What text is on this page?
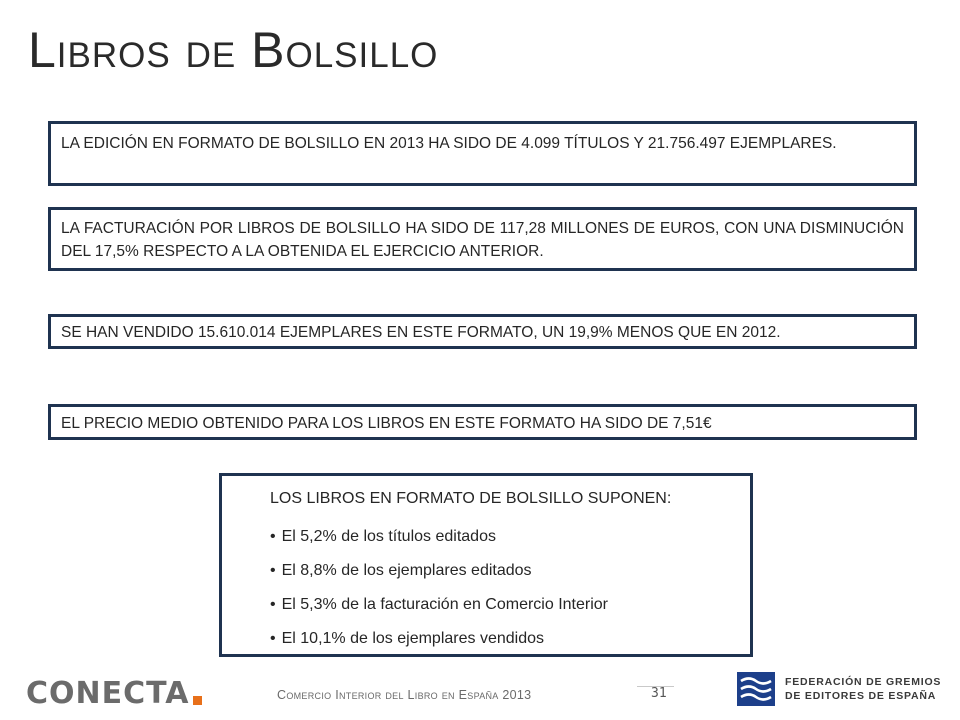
Libros de Bolsillo
LA EDICIÓN EN FORMATO DE BOLSILLO EN 2013 HA SIDO DE 4.099 TÍTULOS Y 21.756.497 EJEMPLARES.
LA FACTURACIÓN POR LIBROS DE BOLSILLO HA SIDO DE 117,28 MILLONES DE EUROS, CON UNA DISMINUCIÓN DEL 17,5% RESPECTO A LA OBTENIDA EL EJERCICIO ANTERIOR.
SE HAN VENDIDO 15.610.014 EJEMPLARES EN ESTE FORMATO, UN 19,9% MENOS QUE EN 2012.
EL PRECIO MEDIO OBTENIDO PARA LOS LIBROS EN ESTE FORMATO HA SIDO DE 7,51€
LOS LIBROS EN FORMATO DE BOLSILLO SUPONEN:
• El 5,2% de los títulos editados
• El 8,8% de los ejemplares editados
• El 5,3% de la facturación en Comercio Interior
• El 10,1% de los ejemplares vendidos
CONECTA	Comercio Interior del Libro en España 2013	31
FEDERACIÓN DE GREMIOS
DE EDITORES DE ESPAÑA
